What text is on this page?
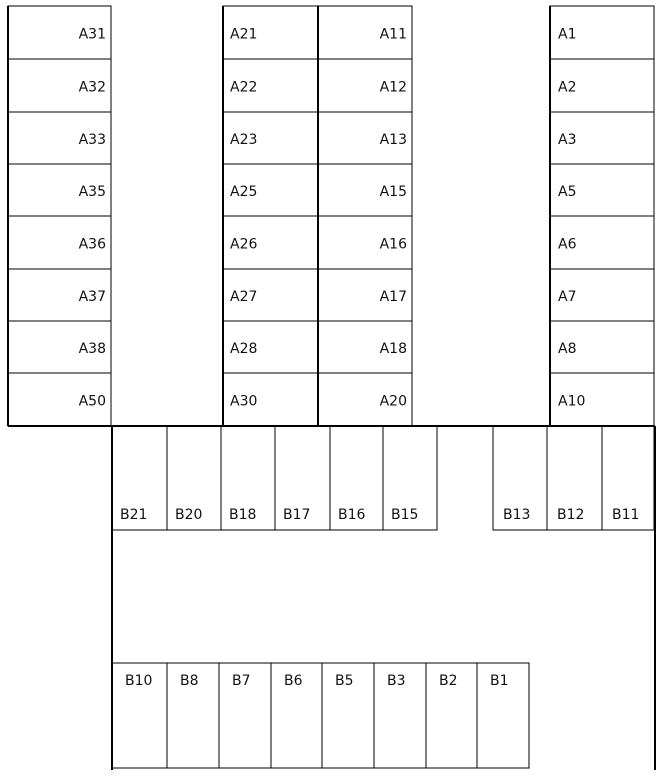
A31
A32
A33
A35
A36
A37
A38
A50
A21
A22
A23
A25
A26
A27
A28
A30
A11
A12
A13
A15
A16
A17
A18
A20
A1
A2
A3
A5
A6
A7
A8
A10
B21 B20 B18 B17 B16 B15	B13 B12 B11
B10 B8 B7 B6 B5 B3 B2 B1
